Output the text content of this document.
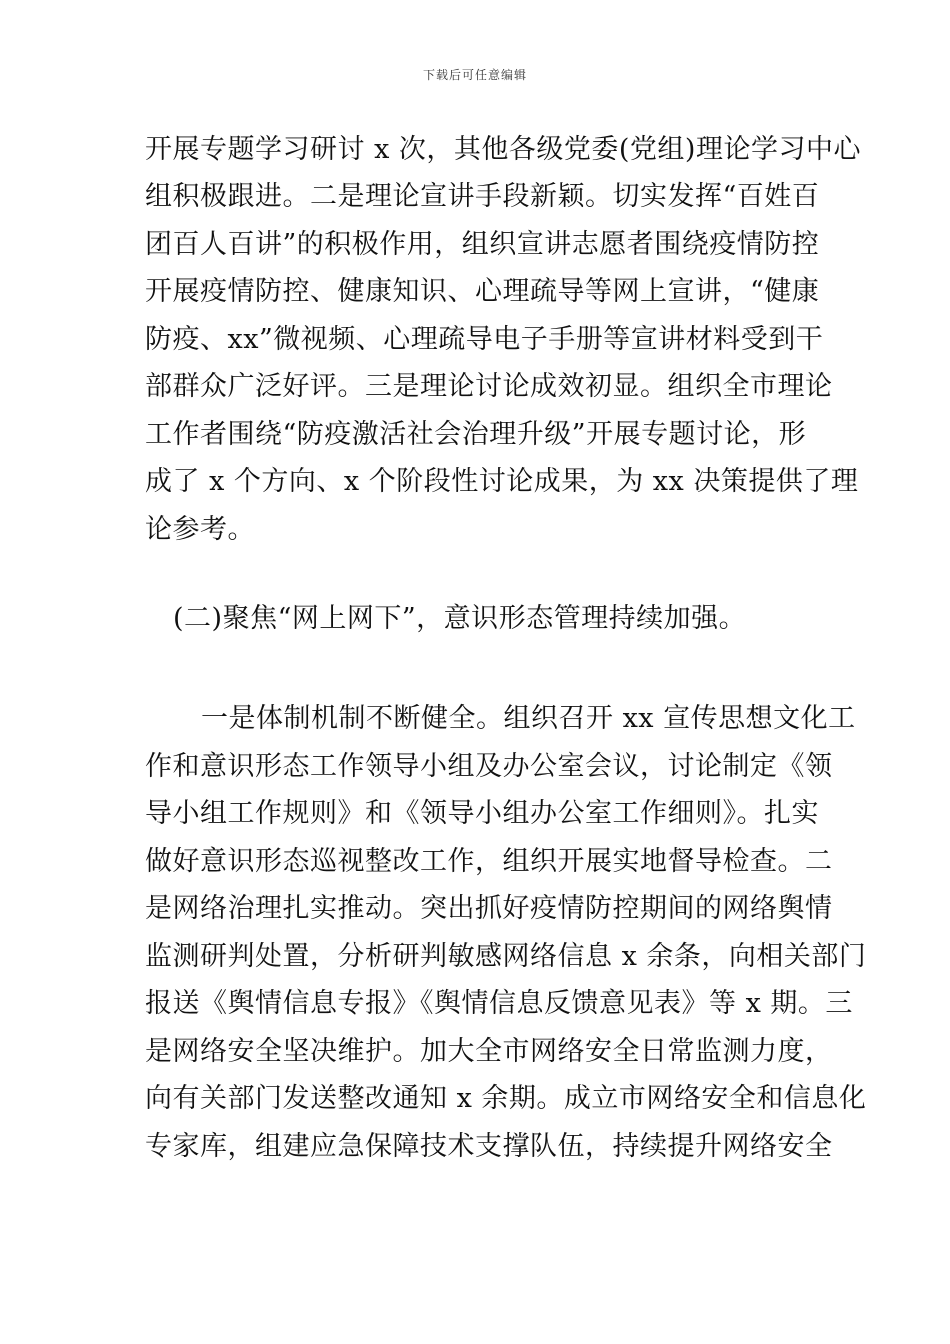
下载后可任意编辑
开展专题学习研讨 x 次，其他各级党委(党组)理论学习中心
组积极跟进。二是理论宣讲手段新颖。切实发挥“百姓百
团百人百讲”的积极作用，组织宣讲志愿者围绕疫情防控
开展疫情防控、健康知识、心理疏导等网上宣讲，“健康
防疫、xx”微视频、心理疏导电子手册等宣讲材料受到干
部群众广泛好评。三是理论讨论成效初显。组织全市理论
工作者围绕“防疫激活社会治理升级”开展专题讨论，形
成了 x 个方向、x 个阶段性讨论成果，为 xx 决策提供了理
论参考。
(二)聚焦“网上网下”，意识形态管理持续加强。
一是体制机制不断健全。组织召开 xx 宣传思想文化工
作和意识形态工作领导小组及办公室会议，讨论制定《领
导小组工作规则》和《领导小组办公室工作细则》。扎实
做好意识形态巡视整改工作，组织开展实地督导检查。二
是网络治理扎实推动。突出抓好疫情防控期间的网络舆情
监测研判处置，分析研判敏感网络信息 x 余条，向相关部门
报送《舆情信息专报》《舆情信息反馈意见表》等 x 期。三
是网络安全坚决维护。加大全市网络安全日常监测力度，
向有关部门发送整改通知 x 余期。成立市网络安全和信息化
专家库，组建应急保障技术支撑队伍，持续提升网络安全
